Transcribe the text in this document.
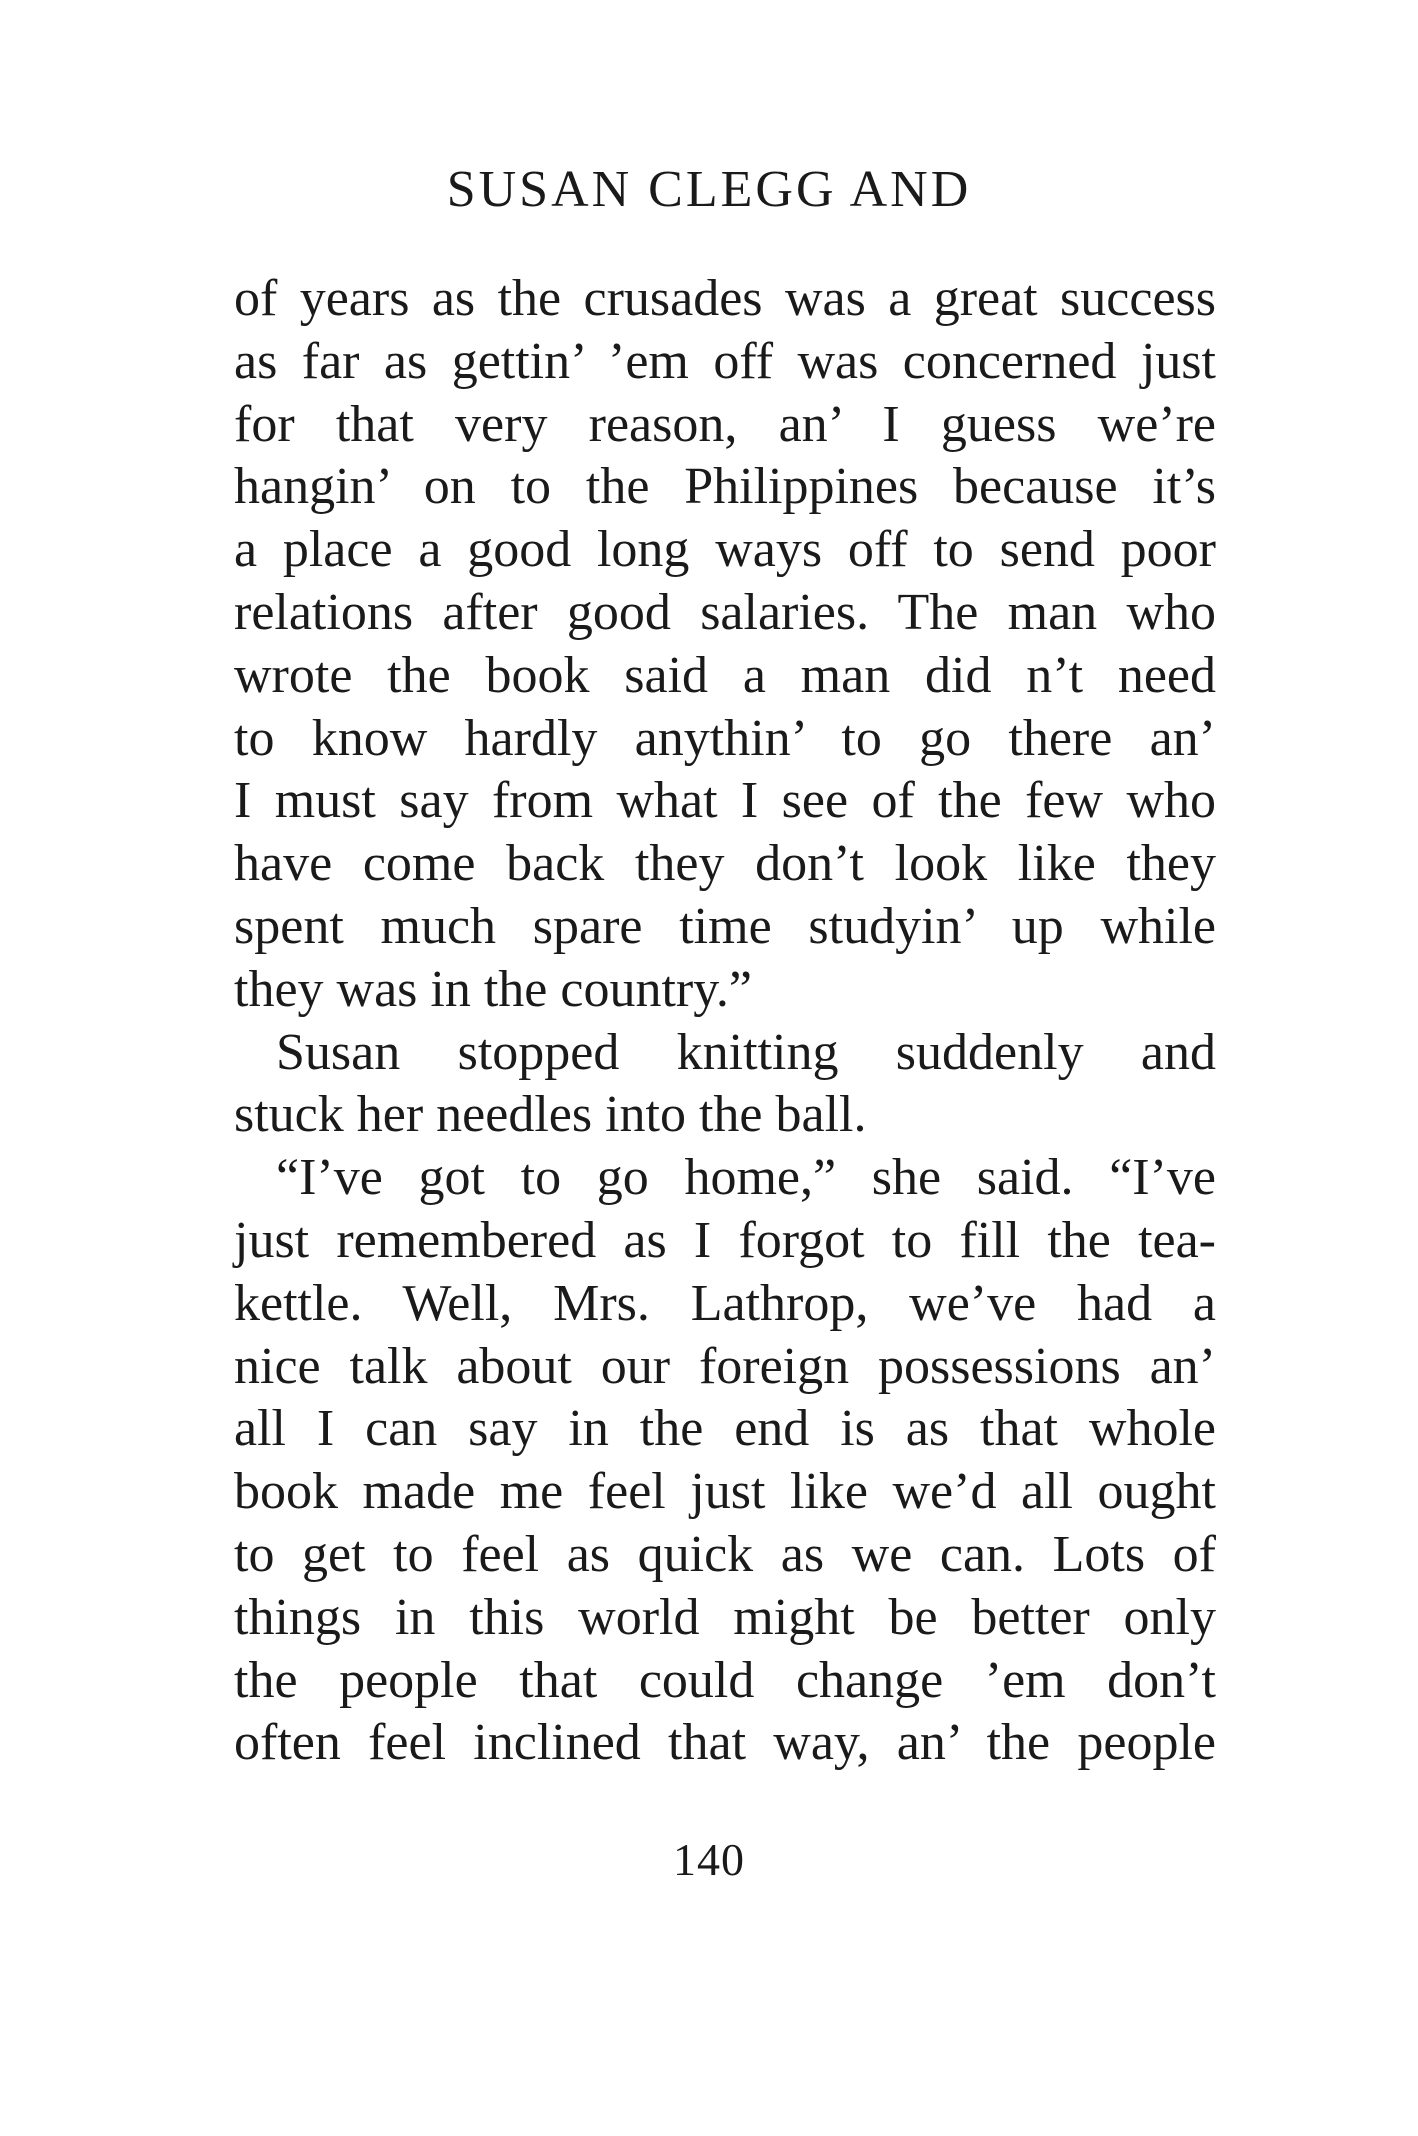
SUSAN CLEGG AND
of years as the crusades was a great success
as far as gettin’ ’em off was concerned just
for that very reason, an’ I guess we’re
hangin’ on to the Philippines because it’s
a place a good long ways off to send poor
relations after good salaries. The man who
wrote the book said a man did n’t need
to know hardly anythin’ to go there an’
I must say from what I see of the few who
have come back they don’t look like they
spent much spare time studyin’ up while
they was in the country.”
Susan stopped knitting suddenly and
stuck her needles into the ball.
“I’ve got to go home,” she said. “I’ve
just remembered as I forgot to fill the tea-
kettle. Well, Mrs. Lathrop, we’ve had a
nice talk about our foreign possessions an’
all I can say in the end is as that whole
book made me feel just like we’d all ought
to get to feel as quick as we can. Lots of
things in this world might be better only
the people that could change ’em don’t
often feel inclined that way, an’ the people
140
